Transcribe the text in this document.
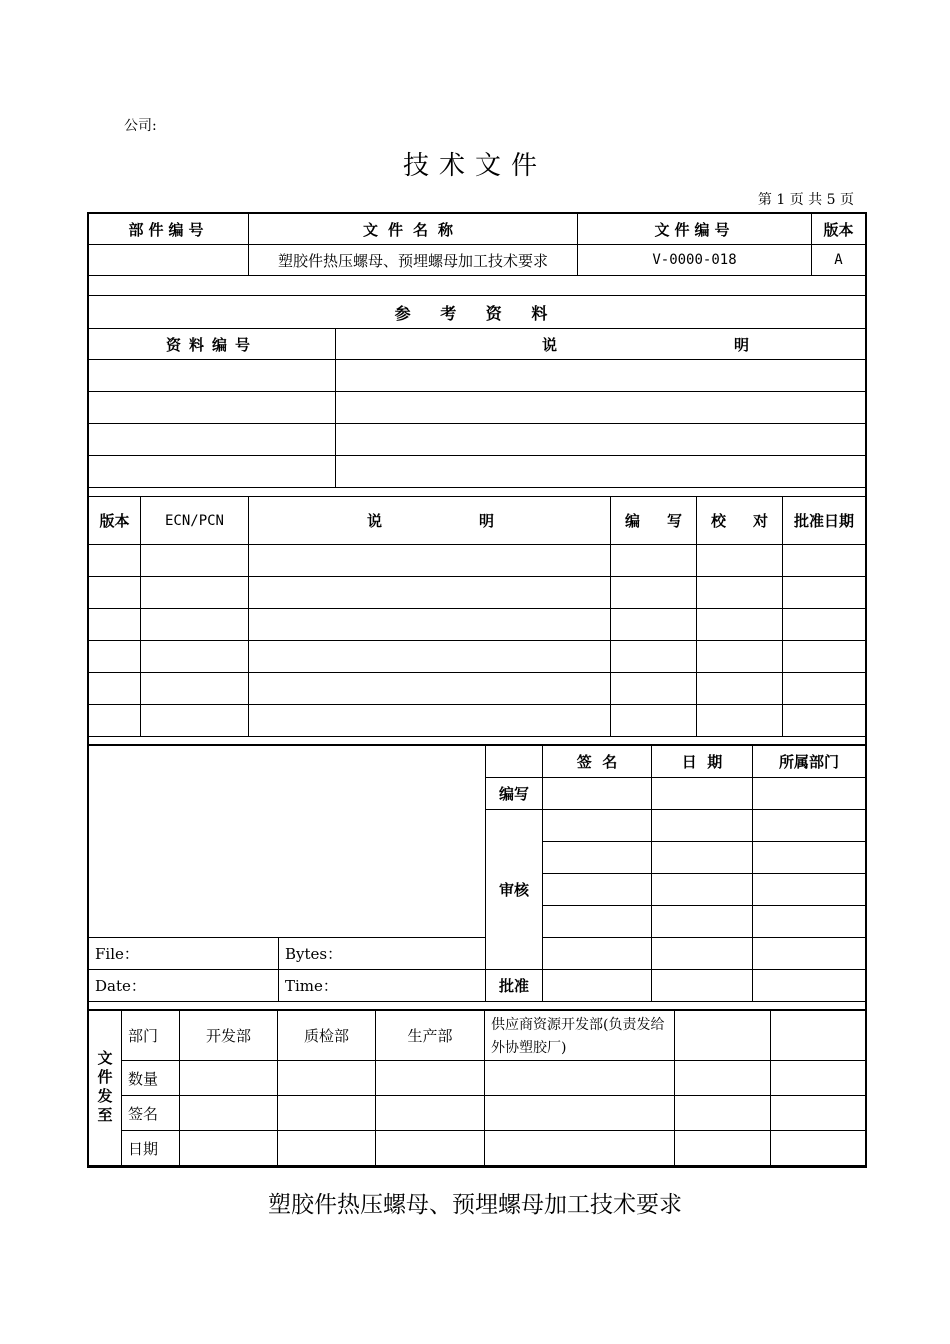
公司:
技术文件
第 1 页 共 5 页
部件编号	文件名称	文件编号	版本
	塑胶件热压螺母、预埋螺母加工技术要求	V-0000-018	A

参 考 资 料	
资料编号	说 明

版本	ECN/PCN	说 明	编 写	校 对	批准日期

			签  名	日  期	所属部门
		编写			
		审核			

File：	Bytes：				
Date：	Time：	批准			

文件发至	部门	开发部	质检部	生产部	供应商资源开发部(负责发给外协塑胶厂)		
	数量						
	签名						
	日期						
塑胶件热压螺母、预埋螺母加工技术要求
